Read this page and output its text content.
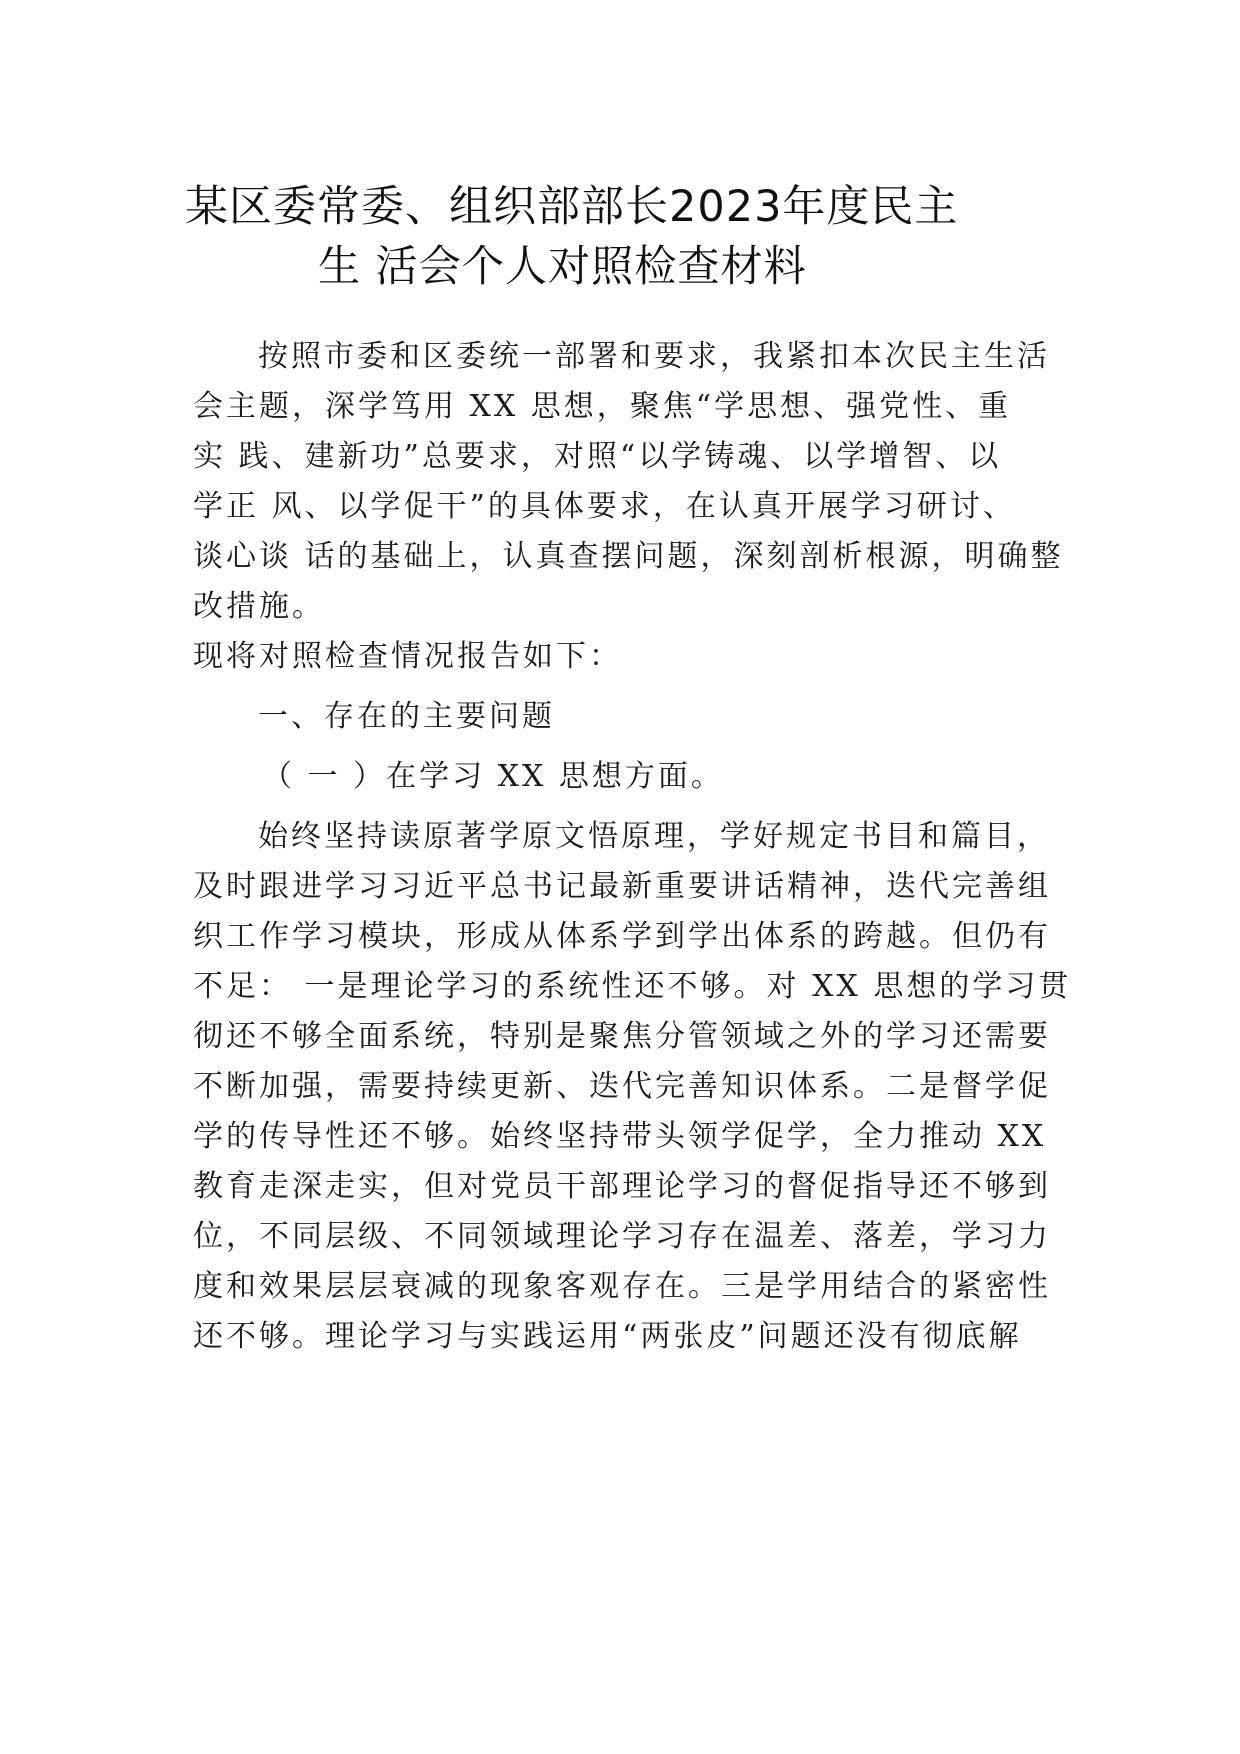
某区委常委、组织部部长2023年度民主
生 活会个人对照检查材料
按照市委和区委统一部署和要求，我紧扣本次民主生活
会主题，深学笃用 XX 思想，聚焦“学思想、强党性、重
实 践、建新功”总要求，对照“以学铸魂、以学增智、以
学正 风、以学促干”的具体要求，在认真开展学习研讨、
谈心谈 话的基础上，认真查摆问题，深刻剖析根源，明确整
改措施。
现将对照检查情况报告如下：
一、存在的主要问题
（ 一 ）在学习 XX 思想方面。
始终坚持读原著学原文悟原理，学好规定书目和篇目，
及时跟进学习习近平总书记最新重要讲话精神，迭代完善组
织工作学习模块，形成从体系学到学出体系的跨越。但仍有
不足： 一是理论学习的系统性还不够。对 XX 思想的学习贯
彻还不够全面系统，特别是聚焦分管领域之外的学习还需要
不断加强，需要持续更新、迭代完善知识体系。二是督学促
学的传导性还不够。始终坚持带头领学促学，全力推动 XX
教育走深走实，但对党员干部理论学习的督促指导还不够到
位，不同层级、不同领域理论学习存在温差、落差，学习力
度和效果层层衰减的现象客观存在。三是学用结合的紧密性
还不够。理论学习与实践运用“两张皮”问题还没有彻底解
